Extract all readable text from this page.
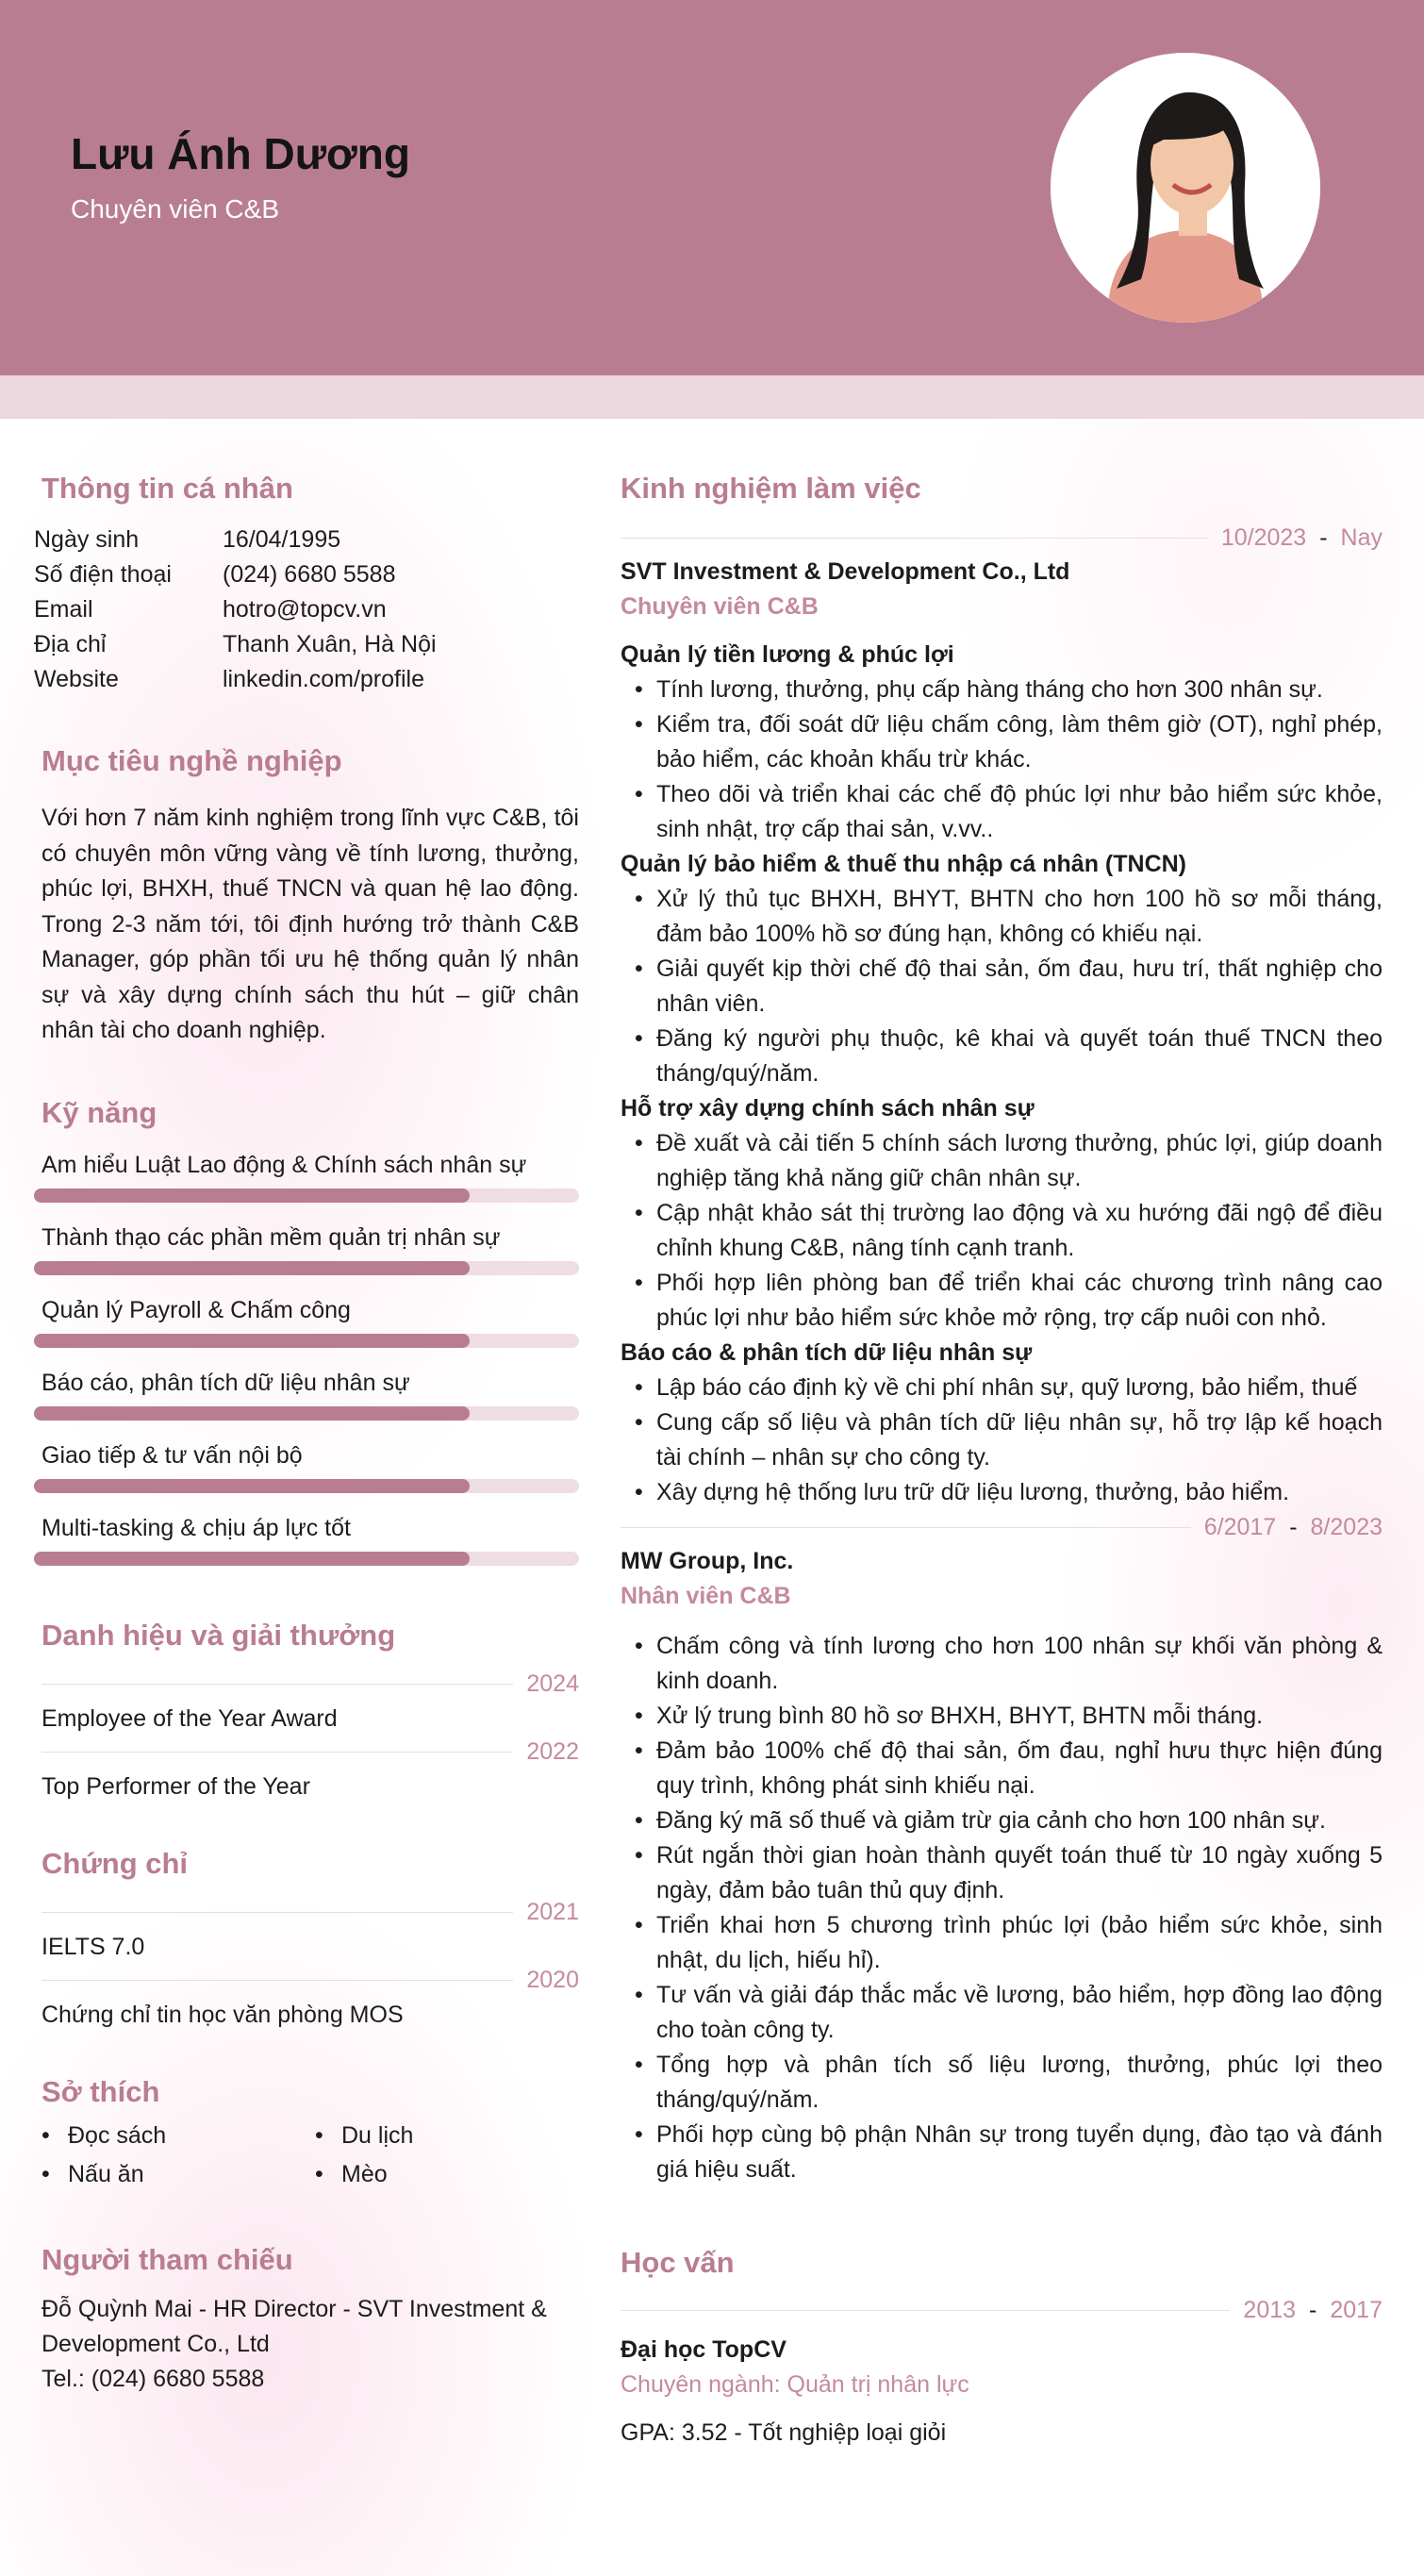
Lưu Ánh Dương
Chuyên viên C&B
Thông tin cá nhân
Ngày sinh	16/04/1995
Số điện thoại	(024) 6680 5588
Email	hotro@topcv.vn
Địa chỉ	Thanh Xuân, Hà Nội
Website	linkedin.com/profile
Mục tiêu nghề nghiệp
Với hơn 7 năm kinh nghiệm trong lĩnh vực C&B, tôi có chuyên môn vững vàng về tính lương, thưởng, phúc lợi, BHXH, thuế TNCN và quan hệ lao động. Trong 2-3 năm tới, tôi định hướng trở thành C&B Manager, góp phần tối ưu hệ thống quản lý nhân sự và xây dựng chính sách thu hút – giữ chân nhân tài cho doanh nghiệp.
Kỹ năng
Am hiểu Luật Lao động & Chính sách nhân sự
Thành thạo các phần mềm quản trị nhân sự
Quản lý Payroll & Chấm công
Báo cáo, phân tích dữ liệu nhân sự
Giao tiếp & tư vấn nội bộ
Multi-tasking & chịu áp lực tốt
Danh hiệu và giải thưởng
2024
Employee of the Year Award
2022
Top Performer of the Year
Chứng chỉ
2021
IELTS 7.0
2020
Chứng chỉ tin học văn phòng MOS
Sở thích
• Đọc sách	• Du lịch
• Nấu ăn	• Mèo
Người tham chiếu
Đỗ Quỳnh Mai - HR Director - SVT Investment & Development Co., Ltd
Tel.: (024) 6680 5588
Kinh nghiệm làm việc
10/2023 - Nay
SVT Investment & Development Co., Ltd
Chuyên viên C&B
Quản lý tiền lương & phúc lợi
• Tính lương, thưởng, phụ cấp hàng tháng cho hơn 300 nhân sự.
• Kiểm tra, đối soát dữ liệu chấm công, làm thêm giờ (OT), nghỉ phép, bảo hiểm, các khoản khấu trừ khác.
• Theo dõi và triển khai các chế độ phúc lợi như bảo hiểm sức khỏe, sinh nhật, trợ cấp thai sản, v.vv..
Quản lý bảo hiểm & thuế thu nhập cá nhân (TNCN)
• Xử lý thủ tục BHXH, BHYT, BHTN cho hơn 100 hồ sơ mỗi tháng, đảm bảo 100% hồ sơ đúng hạn, không có khiếu nại.
• Giải quyết kịp thời chế độ thai sản, ốm đau, hưu trí, thất nghiệp cho nhân viên.
• Đăng ký người phụ thuộc, kê khai và quyết toán thuế TNCN theo tháng/quý/năm.
Hỗ trợ xây dựng chính sách nhân sự
• Đề xuất và cải tiến 5 chính sách lương thưởng, phúc lợi, giúp doanh nghiệp tăng khả năng giữ chân nhân sự.
• Cập nhật khảo sát thị trường lao động và xu hướng đãi ngộ để điều chỉnh khung C&B, nâng tính cạnh tranh.
• Phối hợp liên phòng ban để triển khai các chương trình nâng cao phúc lợi như bảo hiểm sức khỏe mở rộng, trợ cấp nuôi con nhỏ.
Báo cáo & phân tích dữ liệu nhân sự
• Lập báo cáo định kỳ về chi phí nhân sự, quỹ lương, bảo hiểm, thuế
• Cung cấp số liệu và phân tích dữ liệu nhân sự, hỗ trợ lập kế hoạch tài chính – nhân sự cho công ty.
• Xây dựng hệ thống lưu trữ dữ liệu lương, thưởng, bảo hiểm.
6/2017 - 8/2023
MW Group, Inc.
Nhân viên C&B
• Chấm công và tính lương cho hơn 100 nhân sự khối văn phòng & kinh doanh.
• Xử lý trung bình 80 hồ sơ BHXH, BHYT, BHTN mỗi tháng.
• Đảm bảo 100% chế độ thai sản, ốm đau, nghỉ hưu thực hiện đúng quy trình, không phát sinh khiếu nại.
• Đăng ký mã số thuế và giảm trừ gia cảnh cho hơn 100 nhân sự.
• Rút ngắn thời gian hoàn thành quyết toán thuế từ 10 ngày xuống 5 ngày, đảm bảo tuân thủ quy định.
• Triển khai hơn 5 chương trình phúc lợi (bảo hiểm sức khỏe, sinh nhật, du lịch, hiếu hỉ).
• Tư vấn và giải đáp thắc mắc về lương, bảo hiểm, hợp đồng lao động cho toàn công ty.
• Tổng hợp và phân tích số liệu lương, thưởng, phúc lợi theo tháng/quý/năm.
• Phối hợp cùng bộ phận Nhân sự trong tuyển dụng, đào tạo và đánh giá hiệu suất.
Học vấn
2013 - 2017
Đại học TopCV
Chuyên ngành: Quản trị nhân lực
GPA: 3.52 - Tốt nghiệp loại giỏi
